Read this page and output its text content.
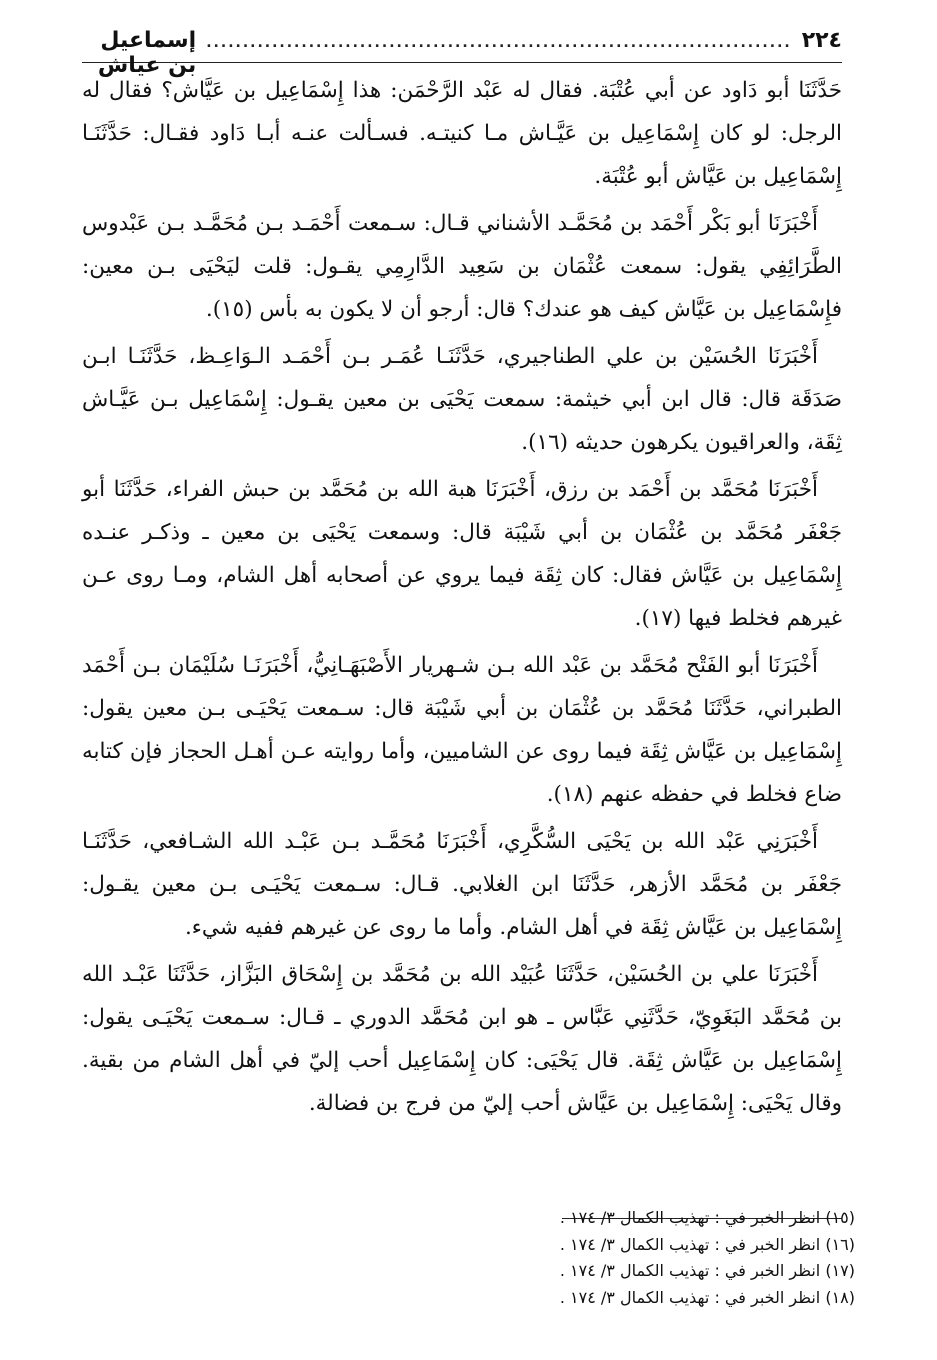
٢٢٤
................................................................................
إسماعيل بن عياش

حَدَّثَنَا أبو دَاود عن أبي عُتْبَة. فقال له عَبْد الرَّحْمَن: هذا إِسْمَاعِيل بن عَيَّاش؟ فقال له الرجل: لو كان إِسْمَاعِيل بن عَيَّـاش مـا كنيتـه. فسـألت عنـه أبـا دَاود فقـال: حَدَّثَنَـا إِسْمَاعِيل بن عَيَّاش أبو عُتْبَة.

أَخْبَرَنَا أبو بَكْر أَحْمَد بن مُحَمَّـد الأشناني قـال: سـمعت أَحْمَـد بـن مُحَمَّـد بـن عَبْدوس الطَّرَائِفِي يقول: سمعت عُثْمَان بن سَعِيد الدَّارِمِي يقـول: قلت ليَحْيَى بـن معين: فإِسْمَاعِيل بن عَيَّاش كيف هو عندك؟ قال: أرجو أن لا يكون به بأس (١٥).

أَخْبَرَنَا الحُسَيْن بن علي الطناجيري، حَدَّثَنَـا عُمَـر بـن أَحْمَـد الـوَاعِـظ، حَدَّثَنَـا ابـن صَدَقَة قال: قال ابن أبي خيثمة: سمعت يَحْيَى بن معين يقـول: إِسْمَاعِيل بـن عَيَّـاش ثِقَة، والعراقيون يكرهون حديثه (١٦).

أَخْبَرَنَا مُحَمَّد بن أَحْمَد بن رزق، أَخْبَرَنَا هبة الله بن مُحَمَّد بن حبش الفراء، حَدَّثَنَا أبو جَعْفَر مُحَمَّد بن عُثْمَان بن أبي شَيْبَة قال: وسمعت يَحْيَى بن معين ـ وذكـر عنـده إِسْمَاعِيل بن عَيَّاش فقال: كان ثِقَة فيما يروي عن أصحابه أهل الشام، ومـا روى عـن غيرهم فخلط فيها (١٧).

أَخْبَرَنَا أبو الفَتْح مُحَمَّد بن عَبْد الله بـن شـهريار الأَصْبَهَـانِيُّ، أَخْبَرَنَـا سُلَيْمَان بـن أَحْمَد الطبراني، حَدَّثَنَا مُحَمَّد بن عُثْمَان بن أبي شَيْبَة قال: سـمعت يَحْيَـى بـن معين يقول: إِسْمَاعِيل بن عَيَّاش ثِقَة فيما روى عن الشاميين، وأما روايته عـن أهـل الحجاز فإن كتابه ضاع فخلط في حفظه عنهم (١٨).

أَخْبَرَنِي عَبْد الله بن يَحْيَى السُّكَّرِي، أَخْبَرَنَا مُحَمَّـد بـن عَبْـد الله الشـافعي، حَدَّثَنَـا جَعْفَر بن مُحَمَّد الأزهر، حَدَّثَنَا ابن الغلابي. قـال: سـمعت يَحْيَـى بـن معين يقـول: إِسْمَاعِيل بن عَيَّاش ثِقَة في أهل الشام. وأما ما روى عن غيرهم ففيه شيء.

أَخْبَرَنَا علي بن الحُسَيْن، حَدَّثَنَا عُبَيْد الله بن مُحَمَّد بن إِسْحَاق البَزَّاز، حَدَّثَنَا عَبْـد الله بن مُحَمَّد البَغَوِيّ، حَدَّثَنِي عَبَّاس ـ هو ابن مُحَمَّد الدوري ـ قـال: سـمعت يَحْيَـى يقول: إِسْمَاعِيل بن عَيَّاش ثِقَة. قال يَحْيَى: كان إِسْمَاعِيل أحب إليّ في أهل الشام من بقية. وقال يَحْيَى: إِسْمَاعِيل بن عَيَّاش أحب إليّ من فرج بن فضالة.

(١٥) انظر الخبر في : تهذيب الكمال ٣/ ١٧٤ .
(١٦) انظر الخبر في : تهذيب الكمال ٣/ ١٧٤ .
(١٧) انظر الخبر في : تهذيب الكمال ٣/ ١٧٤ .
(١٨) انظر الخبر في : تهذيب الكمال ٣/ ١٧٤ .
